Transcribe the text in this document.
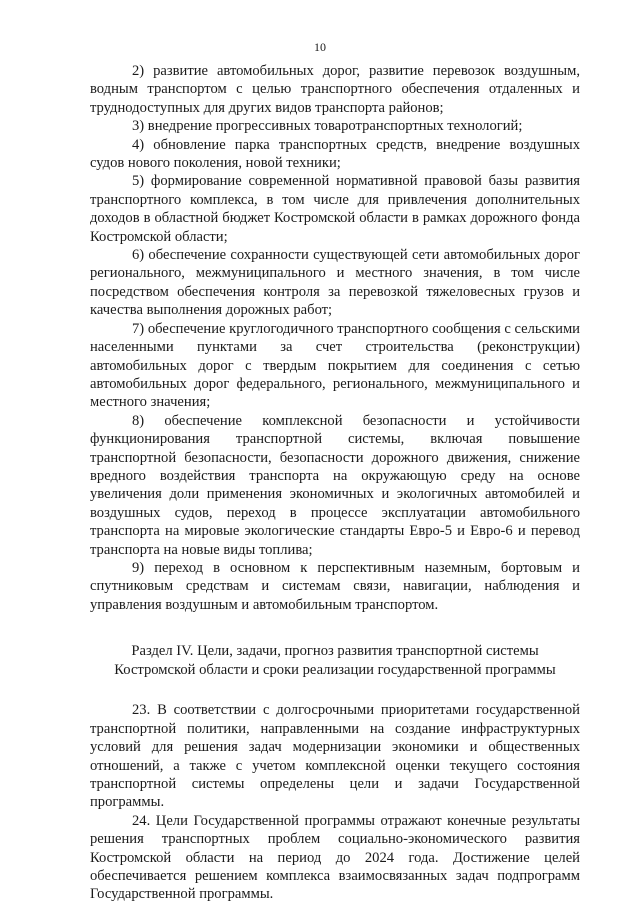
10

2) развитие автомобильных дорог, развитие перевозок воздушным, водным транспортом с целью транспортного обеспечения отдаленных и труднодоступных для других видов транспорта районов;

3) внедрение прогрессивных товаротранспортных технологий;

4) обновление парка транспортных средств, внедрение воздушных судов нового поколения, новой техники;

5) формирование современной нормативной правовой базы развития транспортного комплекса, в том числе для привлечения дополнительных доходов в областной бюджет Костромской области в рамках дорожного фонда Костромской области;

6) обеспечение сохранности существующей сети автомобильных дорог регионального, межмуниципального и местного значения, в том числе посредством обеспечения контроля за перевозкой тяжеловесных грузов и качества выполнения дорожных работ;

7) обеспечение круглогодичного транспортного сообщения с сельскими населенными пунктами за счет строительства (реконструкции) автомобильных дорог с твердым покрытием для соединения с сетью автомобильных дорог федерального, регионального, межмуниципального и местного значения;

8) обеспечение комплексной безопасности и устойчивости функционирования транспортной системы, включая повышение транспортной безопасности, безопасности дорожного движения, снижение вредного воздействия транспорта на окружающую среду на основе увеличения доли применения экономичных и экологичных автомобилей и воздушных судов, переход в процессе эксплуатации автомобильного транспорта на мировые экологические стандарты Евро-5 и Евро-6 и перевод транспорта на новые виды топлива;

9) переход в основном к перспективным наземным, бортовым и спутниковым средствам и системам связи, навигации, наблюдения и управления воздушным и автомобильным транспортом.

Раздел IV. Цели, задачи, прогноз развития транспортной системы
Костромской области и сроки реализации государственной программы

23. В соответствии с долгосрочными приоритетами государственной транспортной политики, направленными на создание инфраструктурных условий для решения задач модернизации экономики и общественных отношений, а также с учетом комплексной оценки текущего состояния транспортной системы определены цели и задачи Государственной программы.

24. Цели Государственной программы отражают конечные результаты решения транспортных проблем социально-экономического развития Костромской области на период до 2024 года. Достижение целей обеспечивается решением комплекса взаимосвязанных задач подпрограмм Государственной программы.
